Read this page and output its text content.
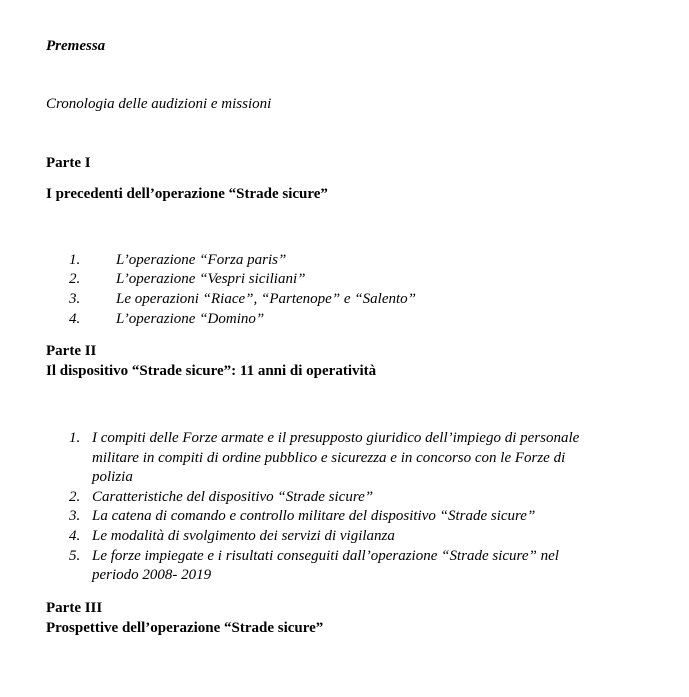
Premessa
Cronologia delle audizioni e missioni
Parte I
I precedenti dell’operazione “Strade sicure”
1. L’operazione “Forza paris”
2. L’operazione “Vespri siciliani”
3. Le operazioni “Riace”, “Partenope” e “Salento”
4. L’operazione “Domino”
Parte II
Il dispositivo “Strade sicure”: 11 anni di operatività
1. I compiti delle Forze armate e il presupposto giuridico dell’impiego di personale
militare in compiti di ordine pubblico e sicurezza e in concorso con le Forze di
polizia
2. Caratteristiche del dispositivo “Strade sicure”
3. La catena di comando e controllo militare del dispositivo “Strade sicure”
4. Le modalità di svolgimento dei servizi di vigilanza
5. Le forze impiegate e i risultati conseguiti dall’operazione “Strade sicure” nel
periodo 2008- 2019
Parte III
Prospettive dell’operazione “Strade sicure”
